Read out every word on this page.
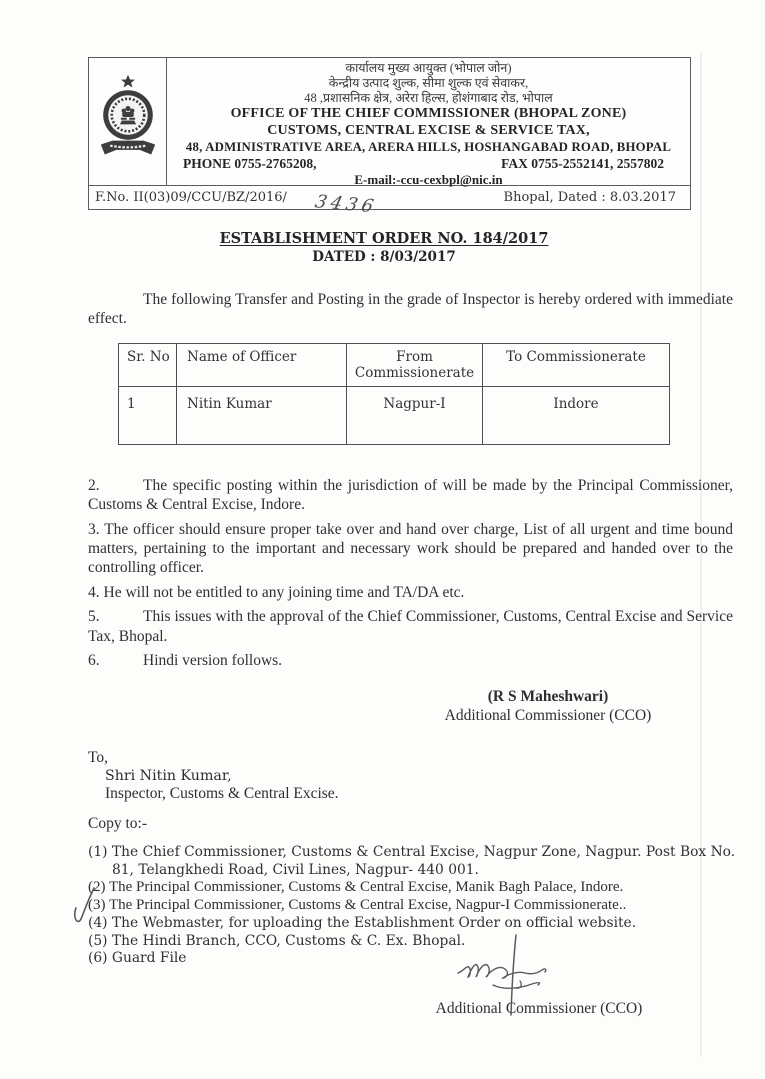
कार्यालय मुख्य आयुक्त (भोपाल जोन)
केन्द्रीय उत्पाद शुल्क, सीमा शुल्क एवं सेवाकर,
48 ,प्रशासनिक क्षेत्र, अरेरा हिल्स, होशंगाबाद रोड, भोपाल
OFFICE OF THE CHIEF COMMISSIONER (BHOPAL ZONE)
CUSTOMS, CENTRAL EXCISE & SERVICE TAX,
48, ADMINISTRATIVE AREA, ARERA HILLS, HOSHANGABAD ROAD, BHOPAL
PHONE 0755-2765208,	FAX 0755-2552141, 2557802
E-mail:-ccu-cexbpl@nic.in
F.No. II(03)09/CCU/BZ/2016/ 3436	Bhopal, Dated : 8.03.2017
ESTABLISHMENT ORDER NO. 184/2017
DATED : 8/03/2017

The following Transfer and Posting in the grade of Inspector is hereby ordered with immediate effect.

Sr. No	Name of Officer	From Commissionerate	To Commissionerate
1	Nitin Kumar	Nagpur-I	Indore

2.	The specific posting within the jurisdiction of will be made by the Principal Commissioner, Customs & Central Excise, Indore.

3. The officer should ensure proper take over and hand over charge, List of all urgent and time bound matters, pertaining to the important and necessary work should be prepared and handed over to the controlling officer.

4. He will not be entitled to any joining time and TA/DA etc.

5.	This issues with the approval of the Chief Commissioner, Customs, Central Excise and Service Tax, Bhopal.

6.	Hindi version follows.

(R S Maheshwari)
Additional Commissioner (CCO)
To,
Shri Nitin Kumar,
Inspector, Customs & Central Excise.
Copy to:-
(1) The Chief Commissioner, Customs & Central Excise, Nagpur Zone, Nagpur. Post Box No. 81, Telangkhedi Road, Civil Lines, Nagpur- 440 001.
(2) The Principal Commissioner, Customs & Central Excise, Manik Bagh Palace, Indore.
(3) The Principal Commissioner, Customs & Central Excise, Nagpur-I Commissionerate..
(4) The Webmaster, for uploading the Establishment Order on official website.
(5) The Hindi Branch, CCO, Customs & C. Ex. Bhopal.
(6) Guard File
Additional Commissioner (CCO)
